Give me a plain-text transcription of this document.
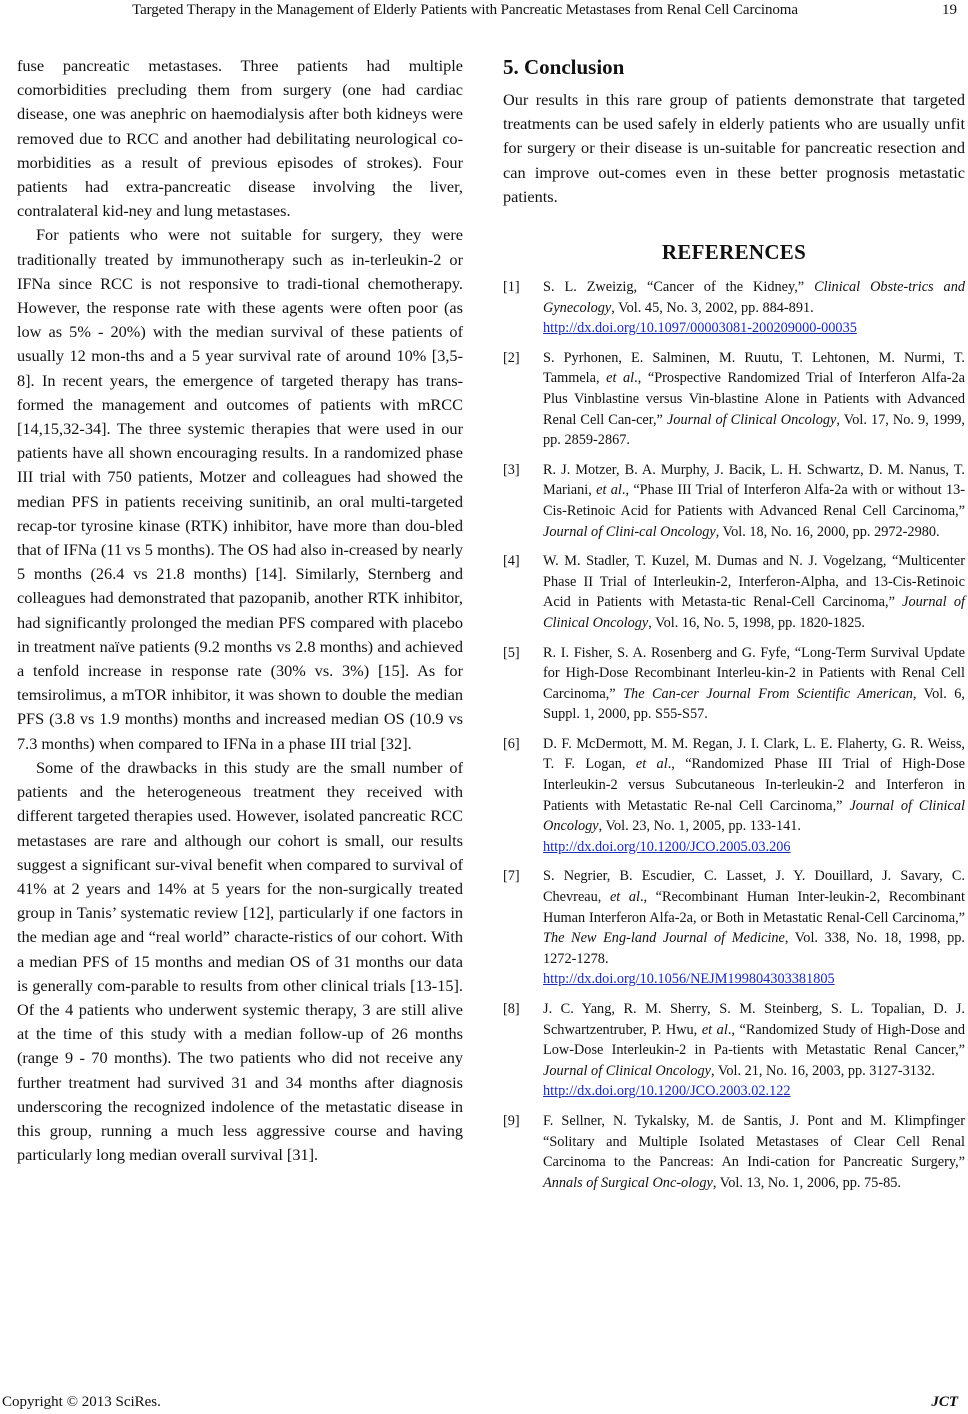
Targeted Therapy in the Management of Elderly Patients with Pancreatic Metastases from Renal Cell Carcinoma	19

fuse pancreatic metastases. Three patients had multiple comorbidities precluding them from surgery (one had cardiac disease, one was anephric on haemodialysis after both kidneys were removed due to RCC and another had debilitating neurological co-morbidities as a result of previous episodes of strokes). Four patients had extra-pancreatic disease involving the liver, contralateral kid-ney and lung metastases.

For patients who were not suitable for surgery, they were traditionally treated by immunotherapy such as in-terleukin-2 or IFNa since RCC is not responsive to tradi-tional chemotherapy. However, the response rate with these agents were often poor (as low as 5% - 20%) with the median survival of these patients of usually 12 mon-ths and a 5 year survival rate of around 10% [3,5-8]. In recent years, the emergence of targeted therapy has trans-formed the management and outcomes of patients with mRCC [14,15,32-34]. The three systemic therapies that were used in our patients have all shown encouraging results. In a randomized phase III trial with 750 patients, Motzer and colleagues had showed the median PFS in patients receiving sunitinib, an oral multi-targeted recap-tor tyrosine kinase (RTK) inhibitor, have more than dou-bled that of IFNa (11 vs 5 months). The OS had also in-creased by nearly 5 months (26.4 vs 21.8 months) [14]. Similarly, Sternberg and colleagues had demonstrated that pazopanib, another RTK inhibitor, had significantly prolonged the median PFS compared with placebo in treatment naïve patients (9.2 months vs 2.8 months) and achieved a tenfold increase in response rate (30% vs. 3%) [15]. As for temsirolimus, a mTOR inhibitor, it was shown to double the median PFS (3.8 vs 1.9 months) months and increased median OS (10.9 vs 7.3 months) when compared to IFNa in a phase III trial [32].

Some of the drawbacks in this study are the small number of patients and the heterogeneous treatment they received with different targeted therapies used. However, isolated pancreatic RCC metastases are rare and although our cohort is small, our results suggest a significant sur-vival benefit when compared to survival of 41% at 2 years and 14% at 5 years for the non-surgically treated group in Tanis’ systematic review [12], particularly if one factors in the median age and “real world” characte-ristics of our cohort. With a median PFS of 15 months and median OS of 31 months our data is generally com-parable to results from other clinical trials [13-15]. Of the 4 patients who underwent systemic therapy, 3 are still alive at the time of this study with a median follow-up of 26 months (range 9 - 70 months). The two patients who did not receive any further treatment had survived 31 and 34 months after diagnosis underscoring the recognized indolence of the metastatic disease in this group, running a much less aggressive course and having particularly long median overall survival [31].

5. Conclusion

Our results in this rare group of patients demonstrate that targeted treatments can be used safely in elderly patients who are usually unfit for surgery or their disease is un-suitable for pancreatic resection and can improve out-comes even in these better prognosis metastatic patients.

REFERENCES
[1] S. L. Zweizig, “Cancer of the Kidney,” Clinical Obste-trics and Gynecology, Vol. 45, No. 3, 2002, pp. 884-891.
http://dx.doi.org/10.1097/00003081-200209000-00035
[2] S. Pyrhonen, E. Salminen, M. Ruutu, T. Lehtonen, M. Nurmi, T. Tammela, et al., “Prospective Randomized Trial of Interferon Alfa-2a Plus Vinblastine versus Vin-blastine Alone in Patients with Advanced Renal Cell Can-cer,” Journal of Clinical Oncology, Vol. 17, No. 9, 1999, pp. 2859-2867.
[3] R. J. Motzer, B. A. Murphy, J. Bacik, L. H. Schwartz, D. M. Nanus, T. Mariani, et al., “Phase III Trial of Interferon Alfa-2a with or without 13-Cis-Retinoic Acid for Patients with Advanced Renal Cell Carcinoma,” Journal of Clini-cal Oncology, Vol. 18, No. 16, 2000, pp. 2972-2980.
[4] W. M. Stadler, T. Kuzel, M. Dumas and N. J. Vogelzang, “Multicenter Phase II Trial of Interleukin-2, Interferon-Alpha, and 13-Cis-Retinoic Acid in Patients with Metasta-tic Renal-Cell Carcinoma,” Journal of Clinical Oncology, Vol. 16, No. 5, 1998, pp. 1820-1825.
[5] R. I. Fisher, S. A. Rosenberg and G. Fyfe, “Long-Term Survival Update for High-Dose Recombinant Interleu-kin-2 in Patients with Renal Cell Carcinoma,” The Can-cer Journal From Scientific American, Vol. 6, Suppl. 1, 2000, pp. S55-S57.
[6] D. F. McDermott, M. M. Regan, J. I. Clark, L. E. Flaherty, G. R. Weiss, T. F. Logan, et al., “Randomized Phase III Trial of High-Dose Interleukin-2 versus Subcutaneous In-terleukin-2 and Interferon in Patients with Metastatic Re-nal Cell Carcinoma,” Journal of Clinical Oncology, Vol. 23, No. 1, 2005, pp. 133-141.
http://dx.doi.org/10.1200/JCO.2005.03.206
[7] S. Negrier, B. Escudier, C. Lasset, J. Y. Douillard, J. Savary, C. Chevreau, et al., “Recombinant Human Inter-leukin-2, Recombinant Human Interferon Alfa-2a, or Both in Metastatic Renal-Cell Carcinoma,” The New Eng-land Journal of Medicine, Vol. 338, No. 18, 1998, pp. 1272-1278.
http://dx.doi.org/10.1056/NEJM199804303381805
[8] J. C. Yang, R. M. Sherry, S. M. Steinberg, S. L. Topalian, D. J. Schwartzentruber, P. Hwu, et al., “Randomized Study of High-Dose and Low-Dose Interleukin-2 in Pa-tients with Metastatic Renal Cancer,” Journal of Clinical Oncology, Vol. 21, No. 16, 2003, pp. 3127-3132.
http://dx.doi.org/10.1200/JCO.2003.02.122
[9] F. Sellner, N. Tykalsky, M. de Santis, J. Pont and M. Klimpfinger “Solitary and Multiple Isolated Metastases of Clear Cell Renal Carcinoma to the Pancreas: An Indi-cation for Pancreatic Surgery,” Annals of Surgical Onc-ology, Vol. 13, No. 1, 2006, pp. 75-85.
Copyright © 2013 SciRes.	JCT
